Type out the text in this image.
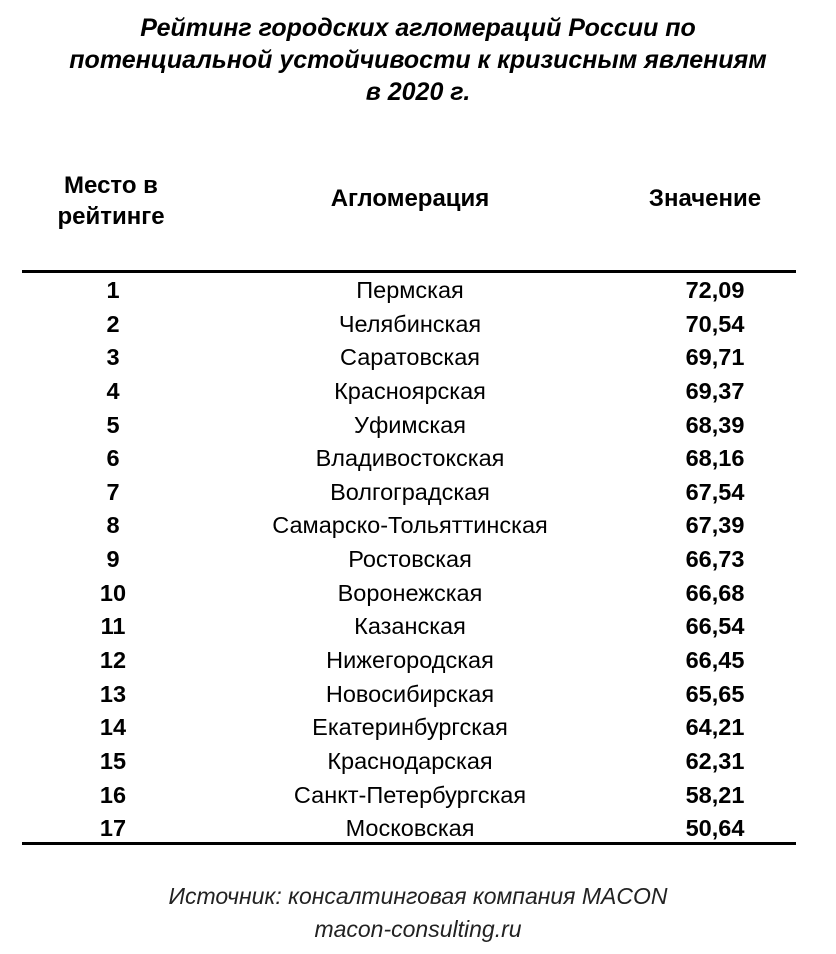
Рейтинг городских агломераций России по
потенциальной устойчивости к кризисным явлениям
в 2020 г.
Место в
рейтинге
Агломерация	Значение
1	Пермская	72,09
2	Челябинская	70,54
3	Саратовская	69,71
4	Красноярская	69,37
5	Уфимская	68,39
6	Владивостокская	68,16
7	Волгоградская	67,54
8	Самарско-Тольяттинская	67,39
9	Ростовская	66,73
10	Воронежская	66,68
11	Казанская	66,54
12	Нижегородская	66,45
13	Новосибирская	65,65
14	Екатеринбургская	64,21
15	Краснодарская	62,31
16	Санкт-Петербургская	58,21
17	Московская	50,64
Источник: консалтинговая компания MACON
macon-consulting.ru
